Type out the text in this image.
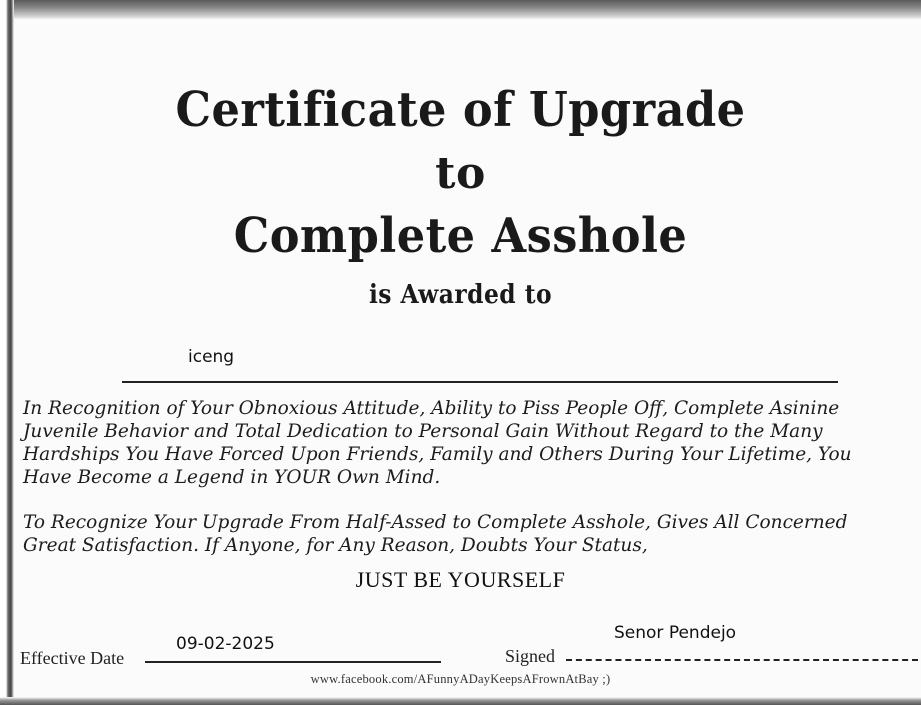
Certificate of Upgrade
to
Complete Asshole
is Awarded to
iceng
In Recognition of Your Obnoxious Attitude, Ability to Piss People Off, Complete Asinine
Juvenile Behavior and Total Dedication to Personal Gain Without Regard to the Many
Hardships You Have Forced Upon Friends, Family and Others During Your Lifetime, You
Have Become a Legend in YOUR Own Mind.
To Recognize Your Upgrade From Half-Assed to Complete Asshole, Gives All Concerned
Great Satisfaction. If Anyone, for Any Reason, Doubts Your Status,
JUST BE YOURSELF
Senor Pendejo
09-02-2025
Effective Date	Signed
www.facebook.com/AFunnyADayKeepsAFrownAtBay ;)
